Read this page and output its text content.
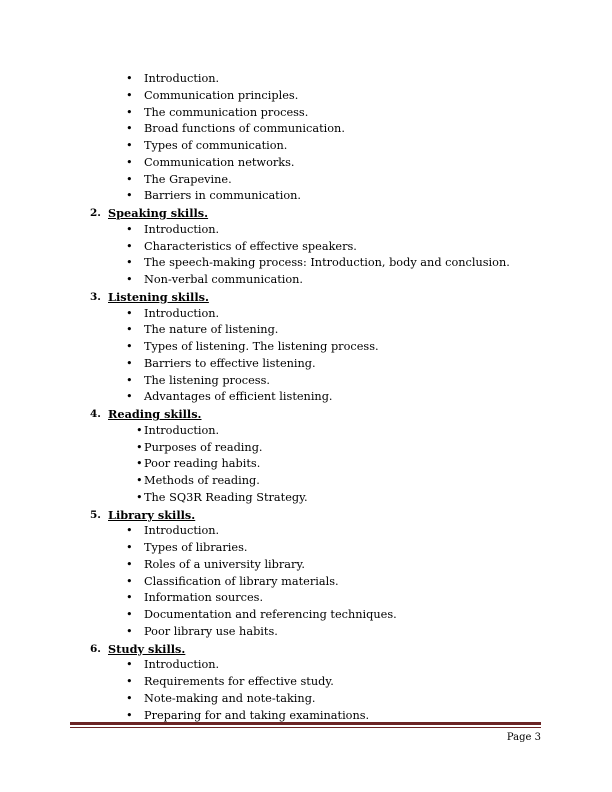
• Introduction.
• Communication principles.
• The communication process.
• Broad functions of communication.
• Types of communication.
• Communication networks.
• The Grapevine.
• Barriers in communication.
2. Speaking skills.
• Introduction.
• Characteristics of effective speakers.
• The speech-making process: Introduction, body and conclusion.
• Non-verbal communication.
3. Listening skills.
• Introduction.
• The nature of listening.
• Types of listening. The listening process.
• Barriers to effective listening.
• The listening process.
• Advantages of efficient listening.
4. Reading skills.
• Introduction.
• Purposes of reading.
• Poor reading habits.
• Methods of reading.
• The SQ3R Reading Strategy.
5. Library skills.
• Introduction.
• Types of libraries.
• Roles of a university library.
• Classification of library materials.
• Information sources.
• Documentation and referencing techniques.
• Poor library use habits.
6. Study skills.
• Introduction.
• Requirements for effective study.
• Note-making and note-taking.
• Preparing for and taking examinations.
Page 3
